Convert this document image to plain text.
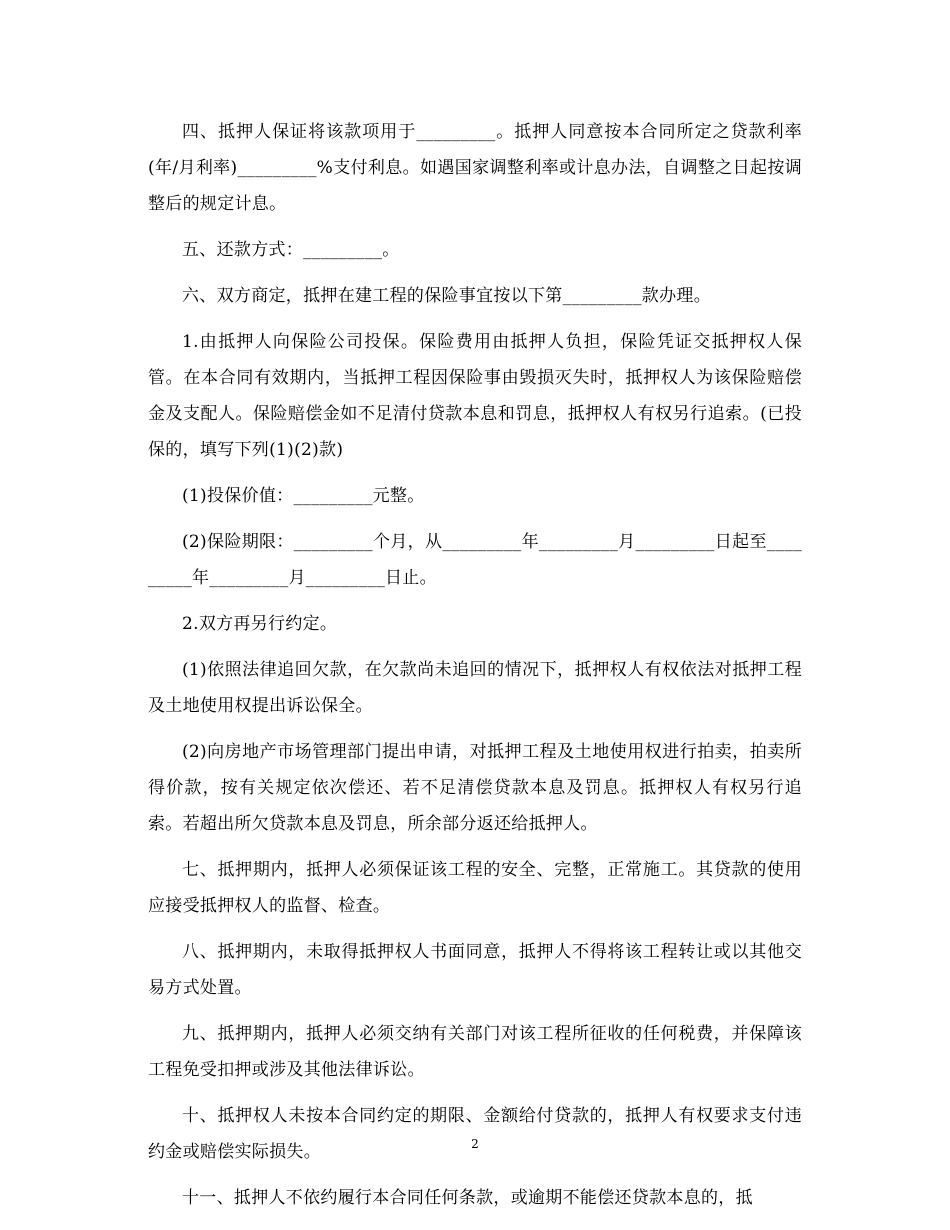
四、抵押人保证将该款项用于_________。抵押人同意按本合同所定之贷款利率(年/月利率)_________%支付利息。如遇国家调整利率或计息办法，自调整之日起按调整后的规定计息。

五、还款方式：_________。

六、双方商定，抵押在建工程的保险事宜按以下第_________款办理。

1.由抵押人向保险公司投保。保险费用由抵押人负担，保险凭证交抵押权人保管。在本合同有效期内，当抵押工程因保险事由毁损灭失时，抵押权人为该保险赔偿金及支配人。保险赔偿金如不足清付贷款本息和罚息，抵押权人有权另行追索。(已投保的，填写下列(1)(2)款)

(1)投保价值：_________元整。

(2)保险期限：_________个月，从_________年_________月_________日起至_________年_________月_________日止。

2.双方再另行约定。

(1)依照法律追回欠款，在欠款尚未追回的情况下，抵押权人有权依法对抵押工程及土地使用权提出诉讼保全。

(2)向房地产市场管理部门提出申请，对抵押工程及土地使用权进行拍卖，拍卖所得价款，按有关规定依次偿还、若不足清偿贷款本息及罚息。抵押权人有权另行追索。若超出所欠贷款本息及罚息，所余部分返还给抵押人。

七、抵押期内，抵押人必须保证该工程的安全、完整，正常施工。其贷款的使用应接受抵押权人的监督、检查。

八、抵押期内，未取得抵押权人书面同意，抵押人不得将该工程转让或以其他交易方式处置。

九、抵押期内，抵押人必须交纳有关部门对该工程所征收的任何税费，并保障该工程免受扣押或涉及其他法律诉讼。

十、抵押权人未按本合同约定的期限、金额给付贷款的，抵押人有权要求支付违约金或赔偿实际损失。

十一、抵押人不依约履行本合同任何条款，或逾期不能偿还贷款本息的，抵

2
